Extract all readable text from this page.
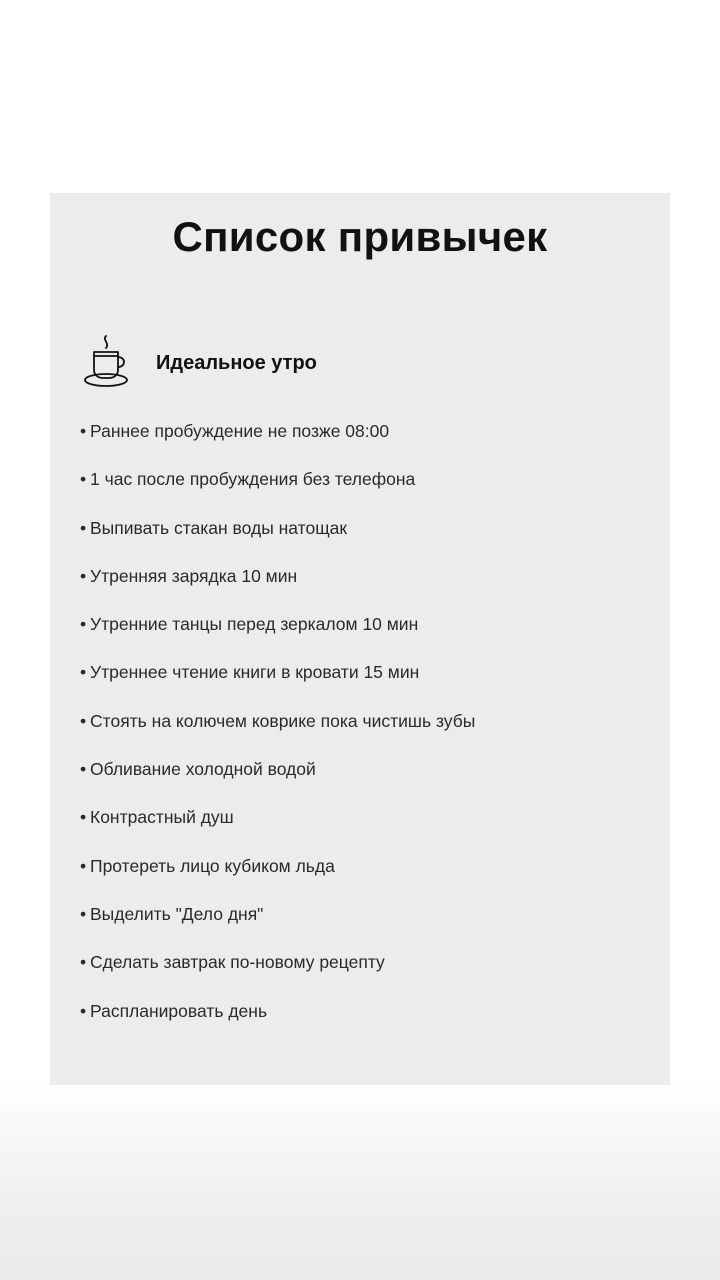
Список привычек
Идеальное утро
• Раннее пробуждение не позже 08:00
• 1 час после пробуждения без телефона
• Выпивать стакан воды натощак
• Утренняя зарядка 10 мин
• Утренние танцы перед зеркалом 10 мин
• Утреннее чтение книги в кровати 15 мин
• Стоять на колючем коврике пока чистишь зубы
• Обливание холодной водой
• Контрастный душ
• Протереть лицо кубиком льда
• Выделить "Дело дня"
• Сделать завтрак по-новому рецепту
• Распланировать день
